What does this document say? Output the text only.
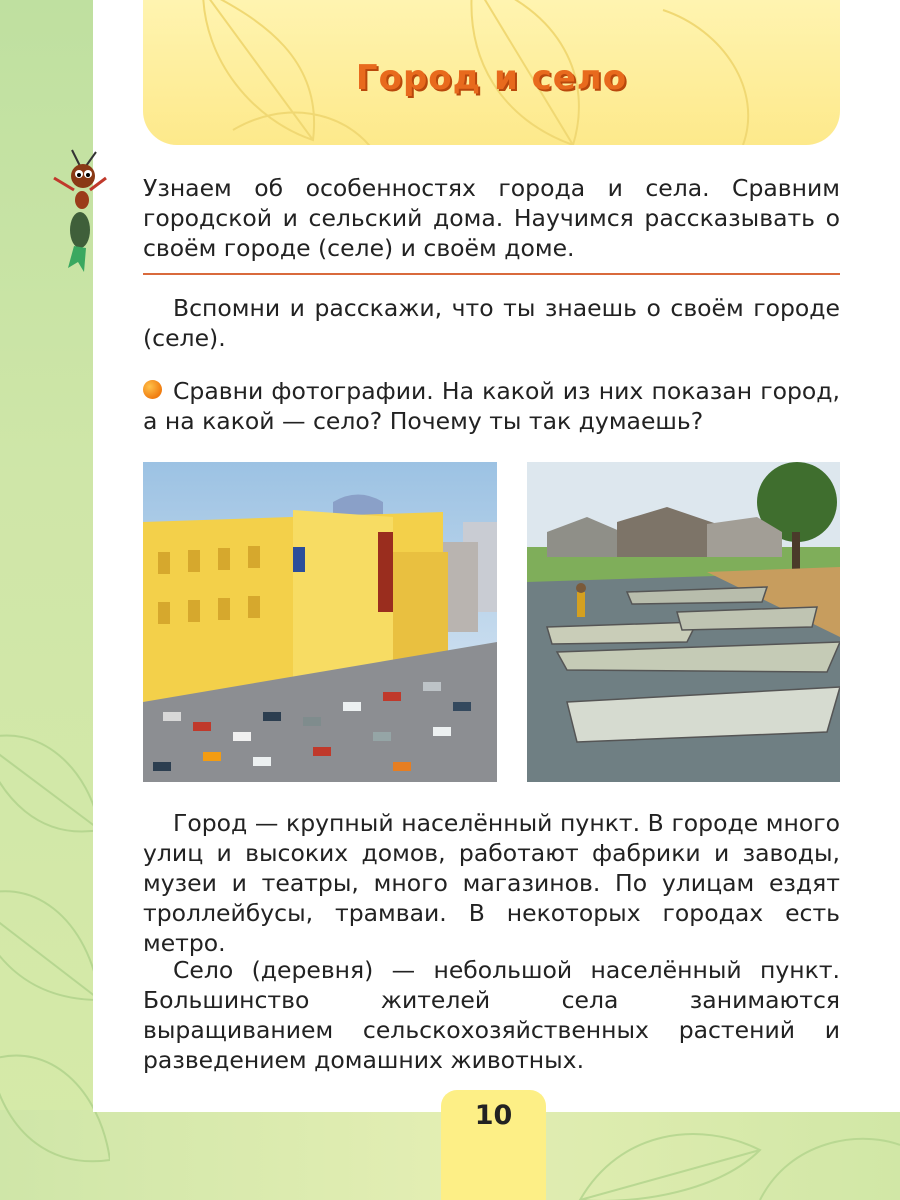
Город и село
Узнаем об особенностях города и села. Сравним городской и сельский дома. Научимся рассказывать о своём городе (селе) и своём доме.
Вспомни и расскажи, что ты знаешь о своём городе (селе).
Сравни фотографии. На какой из них показан город, а на какой — село? Почему ты так думаешь?
Город — крупный населённый пункт. В городе много улиц и высоких домов, работают фабрики и заводы, музеи и театры, много магазинов. По улицам ездят троллейбусы, трамваи. В некоторых городах есть метро.
Село (деревня) — небольшой населённый пункт. Большинство жителей села занимаются выращиванием сельскохозяйственных растений и разведением домашних животных.
10
